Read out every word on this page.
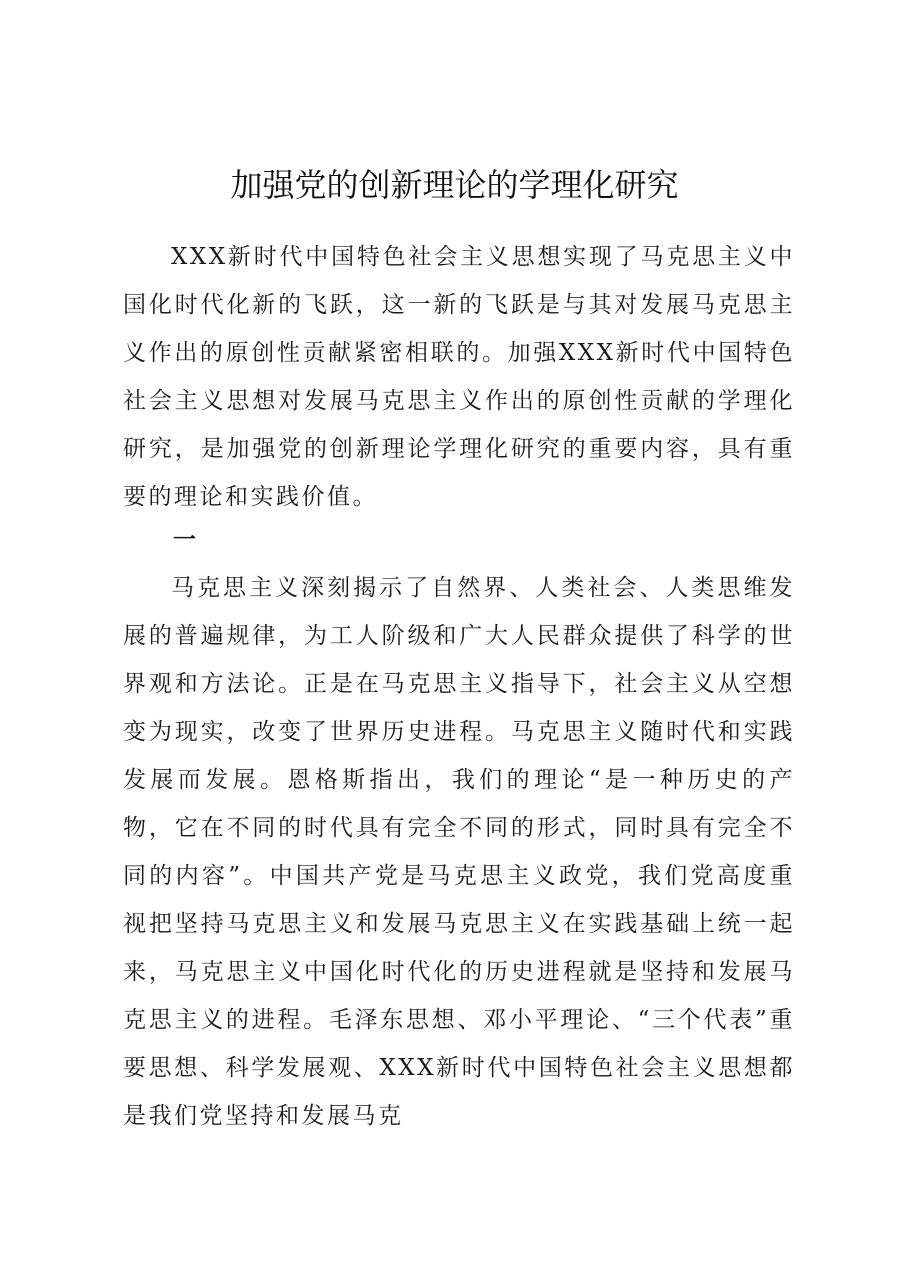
加强党的创新理论的学理化研究

XXX新时代中国特色社会主义思想实现了马克思主义中国化时代化新的飞跃，这一新的飞跃是与其对发展马克思主义作出的原创性贡献紧密相联的。加强XXX新时代中国特色社会主义思想对发展马克思主义作出的原创性贡献的学理化研究，是加强党的创新理论学理化研究的重要内容，具有重要的理论和实践价值。

一

马克思主义深刻揭示了自然界、人类社会、人类思维发展的普遍规律，为工人阶级和广大人民群众提供了科学的世界观和方法论。正是在马克思主义指导下，社会主义从空想变为现实，改变了世界历史进程。马克思主义随时代和实践发展而发展。恩格斯指出，我们的理论“是一种历史的产物，它在不同的时代具有完全不同的形式，同时具有完全不同的内容”。中国共产党是马克思主义政党，我们党高度重视把坚持马克思主义和发展马克思主义在实践基础上统一起来，马克思主义中国化时代化的历史进程就是坚持和发展马克思主义的进程。毛泽东思想、邓小平理论、“三个代表”重要思想、科学发展观、XXX新时代中国特色社会主义思想都是我们党坚持和发展马克
